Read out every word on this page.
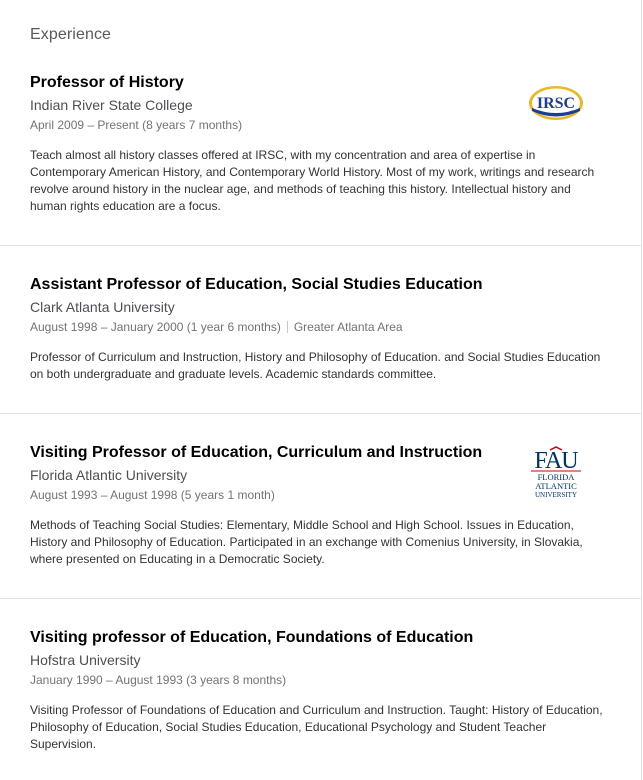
Experience
Professor of History
Indian River State College
April 2009 – Present (8 years 7 months)
Teach almost all history classes offered at IRSC, with my concentration and area of expertise in Contemporary American History, and Contemporary World History. Most of my work, writings and research revolve around history in the nuclear age, and methods of teaching this history. Intellectual history and human rights education are a focus.
IRSC
Assistant Professor of Education, Social Studies Education
Clark Atlanta University
August 1998 – January 2000 (1 year 6 months) Greater Atlanta Area
Professor of Curriculum and Instruction, History and Philosophy of Education. and Social Studies Education on both undergraduate and graduate levels. Academic standards committee.
Visiting Professor of Education, Curriculum and Instruction
Florida Atlantic University
August 1993 – August 1998 (5 years 1 month)
Methods of Teaching Social Studies: Elementary, Middle School and High School. Issues in Education, History and Philosophy of Education. Participated in an exchange with Comenius University, in Slovakia, where presented on Educating in a Democratic Society.
FAU
FLORIDA
ATLANTIC
UNIVERSITY
Visiting professor of Education, Foundations of Education
Hofstra University
January 1990 – August 1993 (3 years 8 months)
Visiting Professor of Foundations of Education and Curriculum and Instruction. Taught: History of Education, Philosophy of Education, Social Studies Education, Educational Psychology and Student Teacher Supervision.
